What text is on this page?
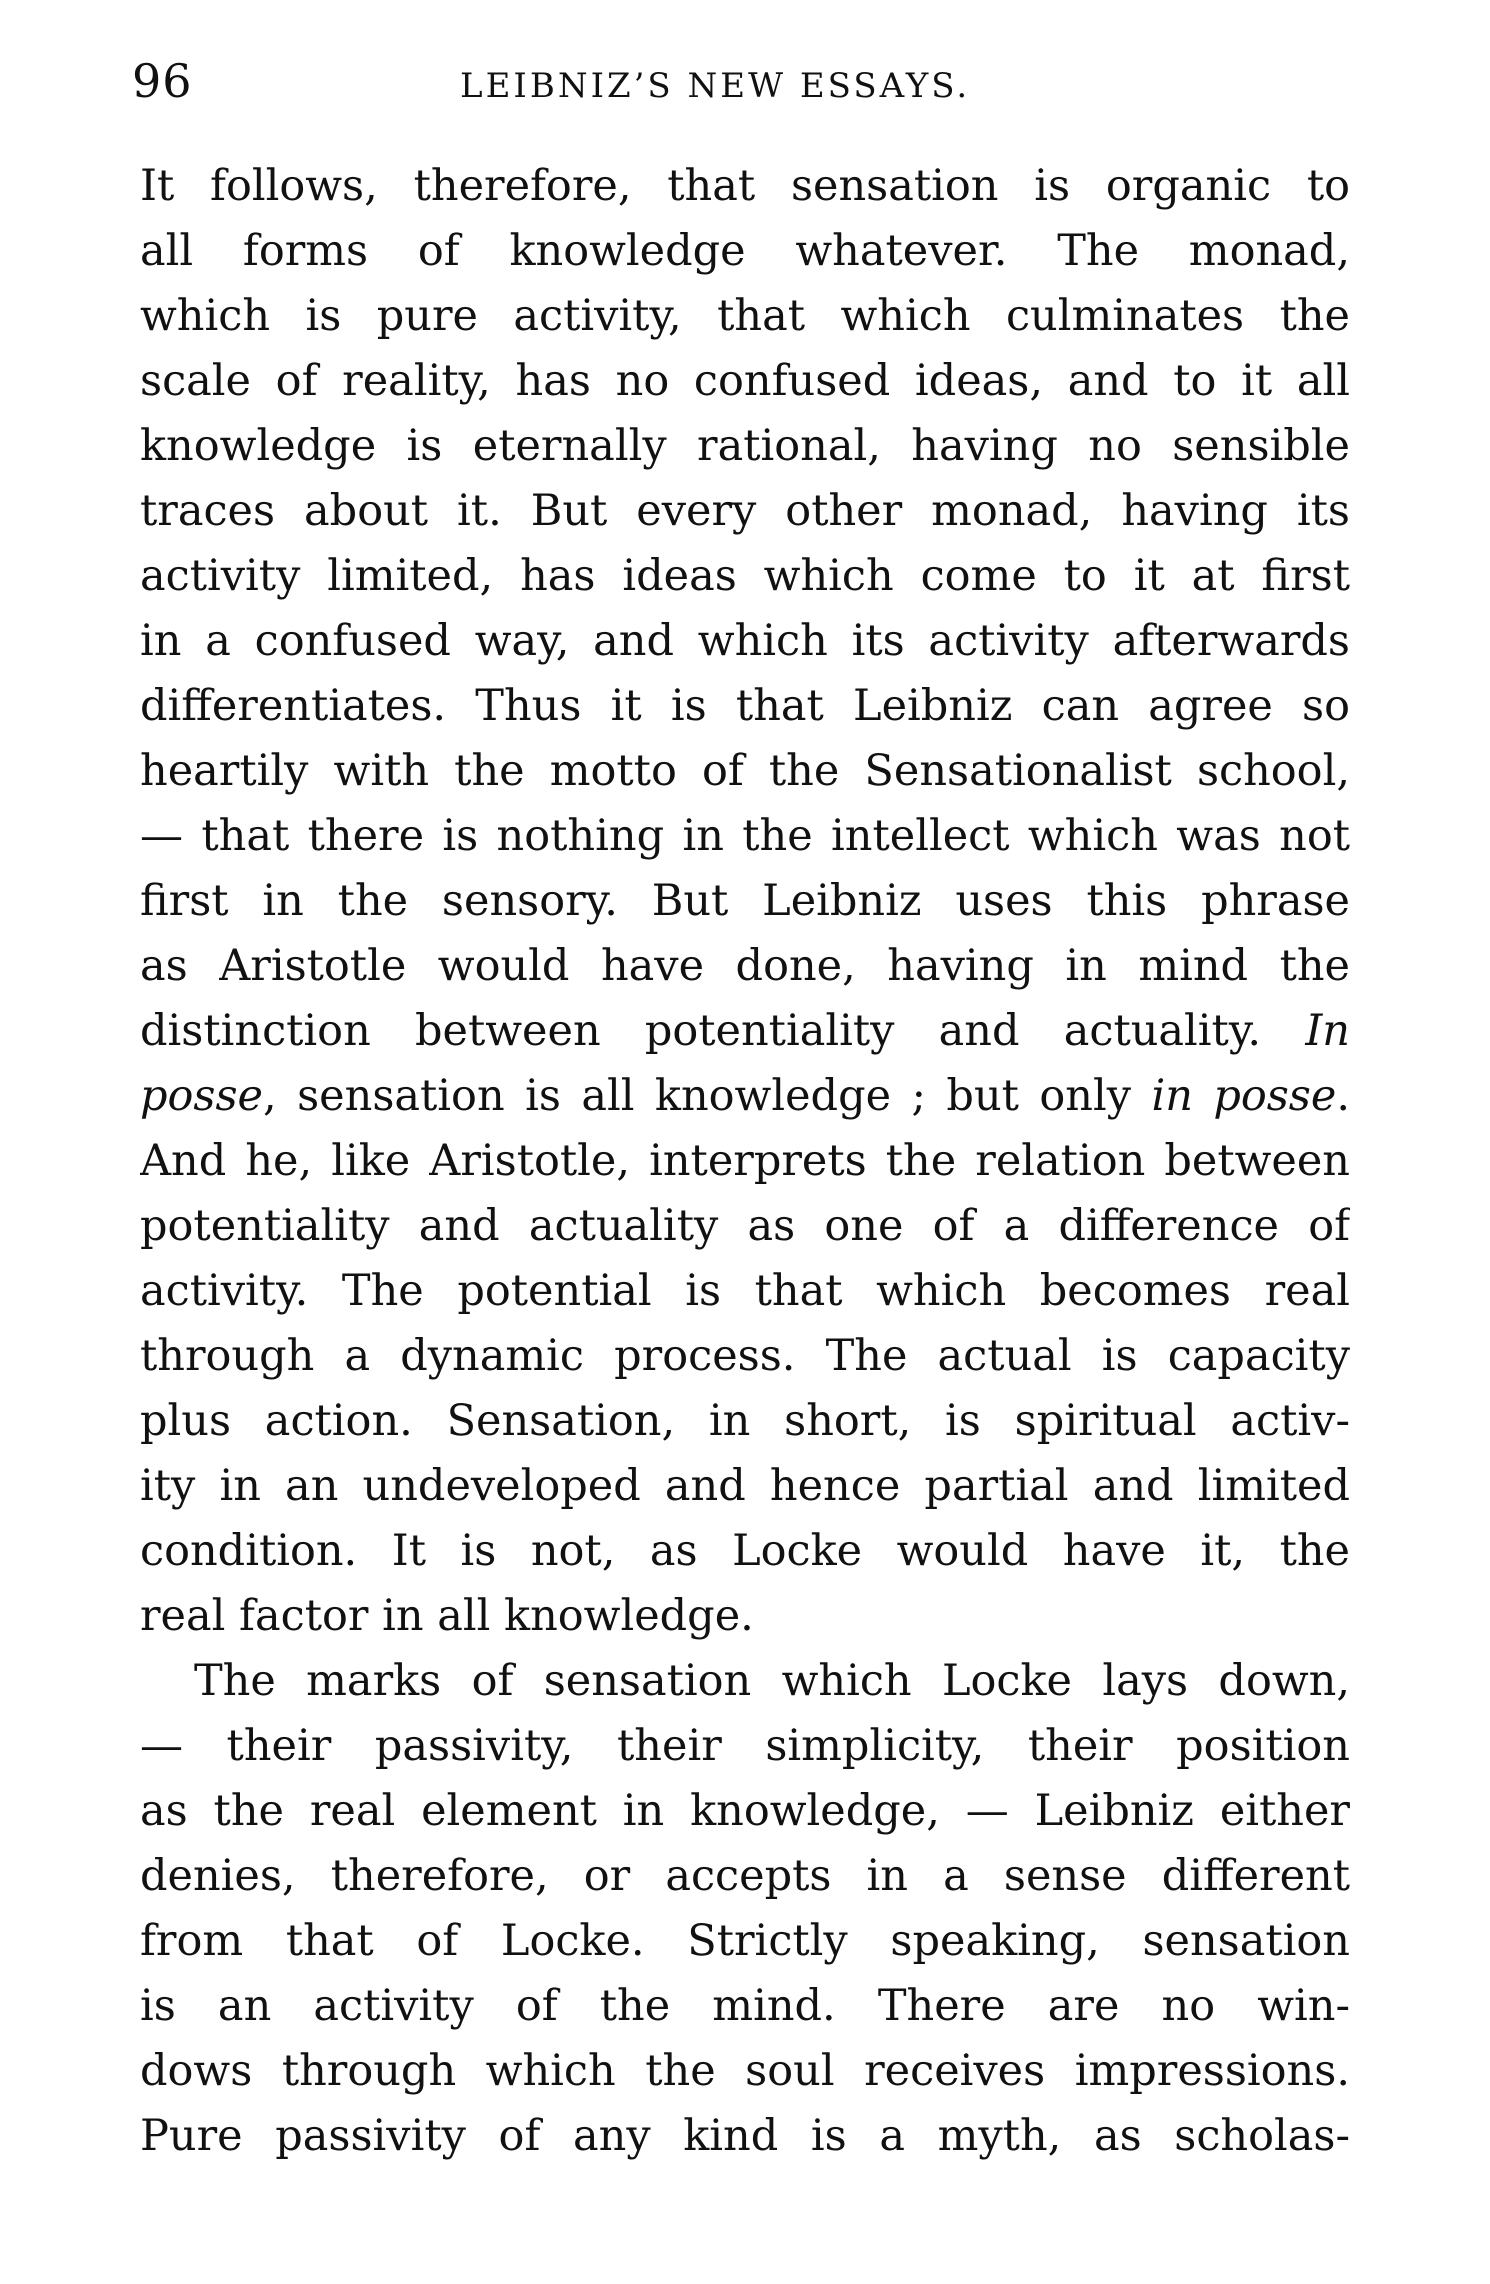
96	LEIBNIZ’S NEW ESSAYS.
It follows, therefore, that sensation is organic to
all forms of knowledge whatever. The monad,
which is pure activity, that which culminates the
scale of reality, has no confused ideas, and to it all
knowledge is eternally rational, having no sensible
traces about it. But every other monad, having its
activity limited, has ideas which come to it at first
in a confused way, and which its activity afterwards
differentiates. Thus it is that Leibniz can agree so
heartily with the motto of the Sensationalist school,
— that there is nothing in the intellect which was not
first in the sensory. But Leibniz uses this phrase
as Aristotle would have done, having in mind the
distinction between potentiality and actuality. In
posse, sensation is all knowledge ; but only in posse.
And he, like Aristotle, interprets the relation between
potentiality and actuality as one of a difference of
activity. The potential is that which becomes real
through a dynamic process. The actual is capacity
plus action. Sensation, in short, is spiritual activ-
ity in an undeveloped and hence partial and limited
condition. It is not, as Locke would have it, the
real factor in all knowledge.
The marks of sensation which Locke lays down,
— their passivity, their simplicity, their position
as the real element in knowledge, — Leibniz either
denies, therefore, or accepts in a sense different
from that of Locke. Strictly speaking, sensation
is an activity of the mind. There are no win-
dows through which the soul receives impressions.
Pure passivity of any kind is a myth, as scholas-
